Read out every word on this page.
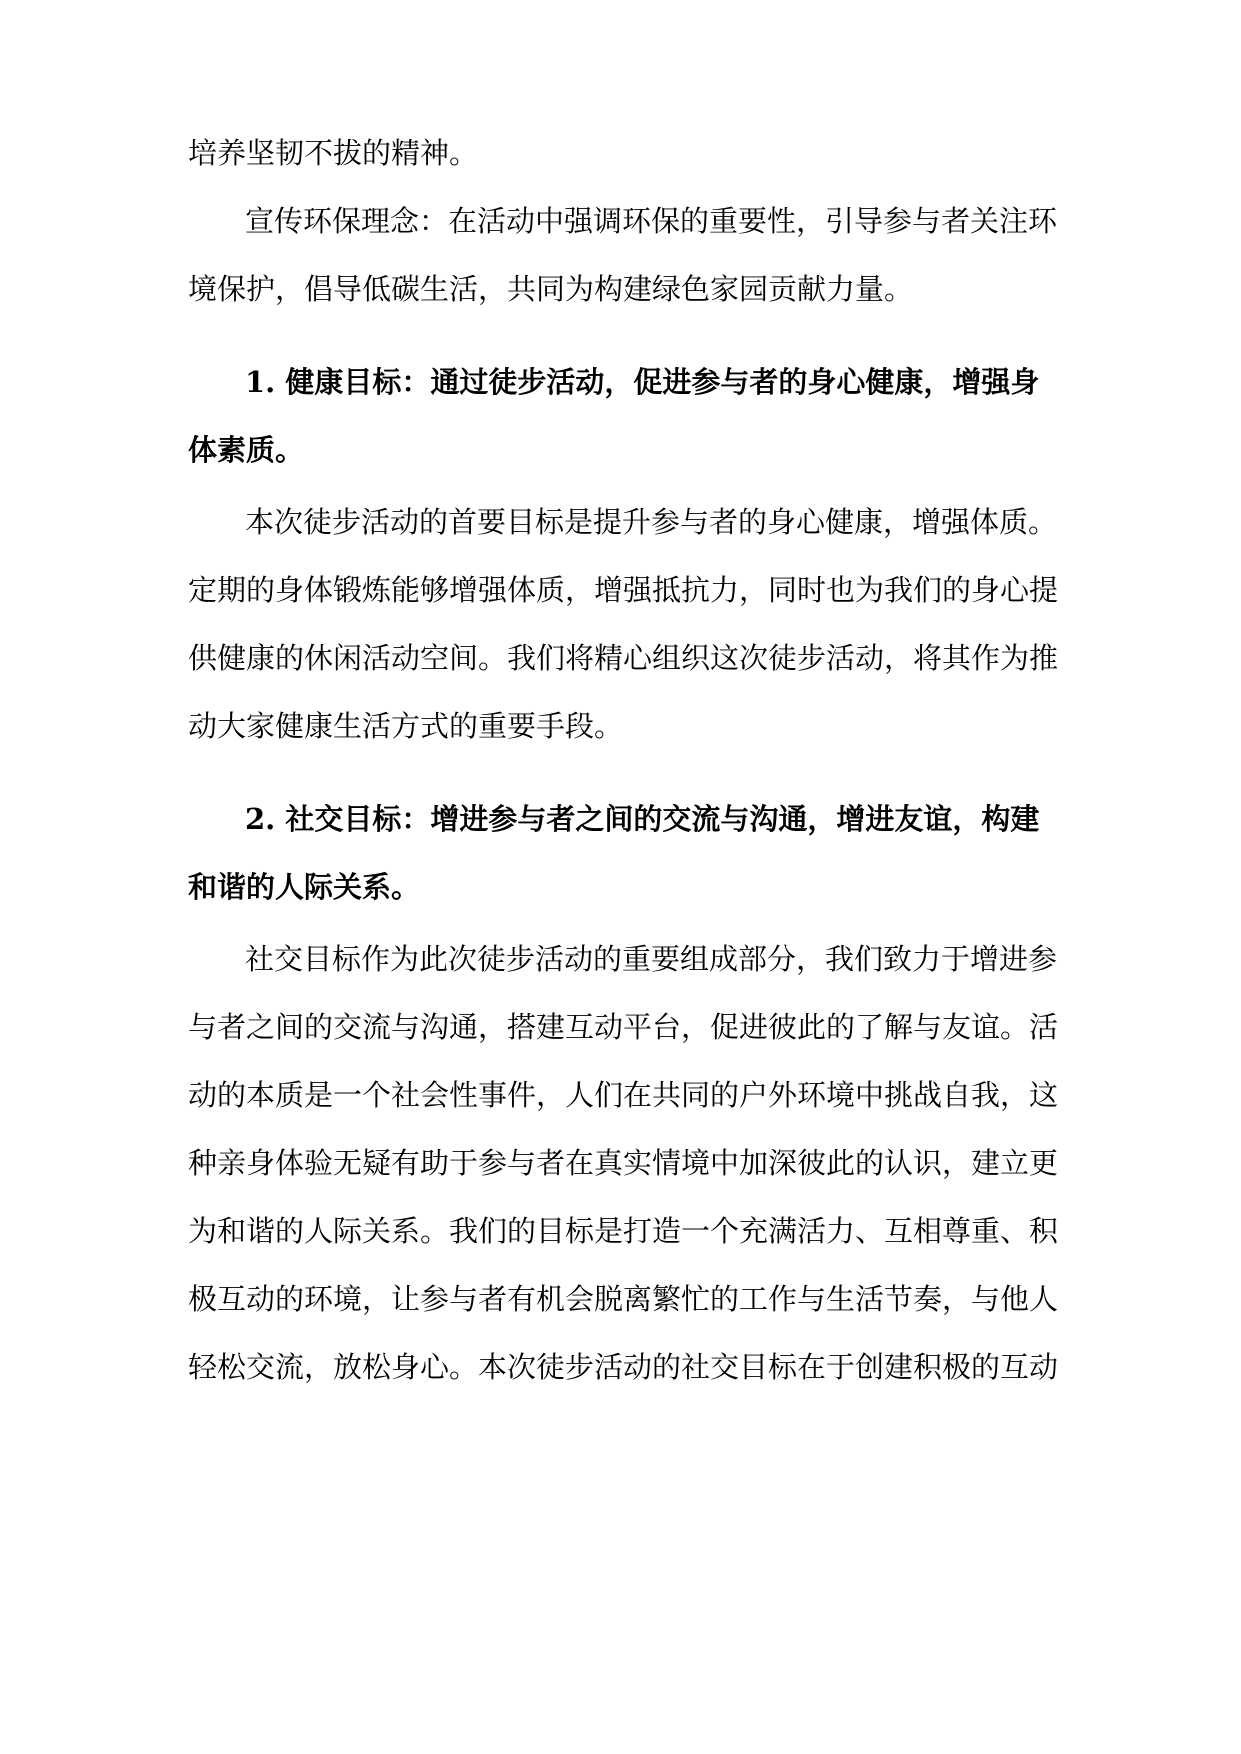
培养坚韧不拔的精神。
宣传环保理念：在活动中强调环保的重要性，引导参与者关注环
境保护，倡导低碳生活，共同为构建绿色家园贡献力量。
1. 健康目标：通过徒步活动，促进参与者的身心健康，增强身
体素质。
本次徒步活动的首要目标是提升参与者的身心健康，增强体质。
定期的身体锻炼能够增强体质，增强抵抗力，同时也为我们的身心提
供健康的休闲活动空间。我们将精心组织这次徒步活动，将其作为推
动大家健康生活方式的重要手段。
2. 社交目标：增进参与者之间的交流与沟通，增进友谊，构建
和谐的人际关系。
社交目标作为此次徒步活动的重要组成部分，我们致力于增进参
与者之间的交流与沟通，搭建互动平台，促进彼此的了解与友谊。活
动的本质是一个社会性事件，人们在共同的户外环境中挑战自我，这
种亲身体验无疑有助于参与者在真实情境中加深彼此的认识，建立更
为和谐的人际关系。我们的目标是打造一个充满活力、互相尊重、积
极互动的环境，让参与者有机会脱离繁忙的工作与生活节奏，与他人
轻松交流，放松身心。本次徒步活动的社交目标在于创建积极的互动
